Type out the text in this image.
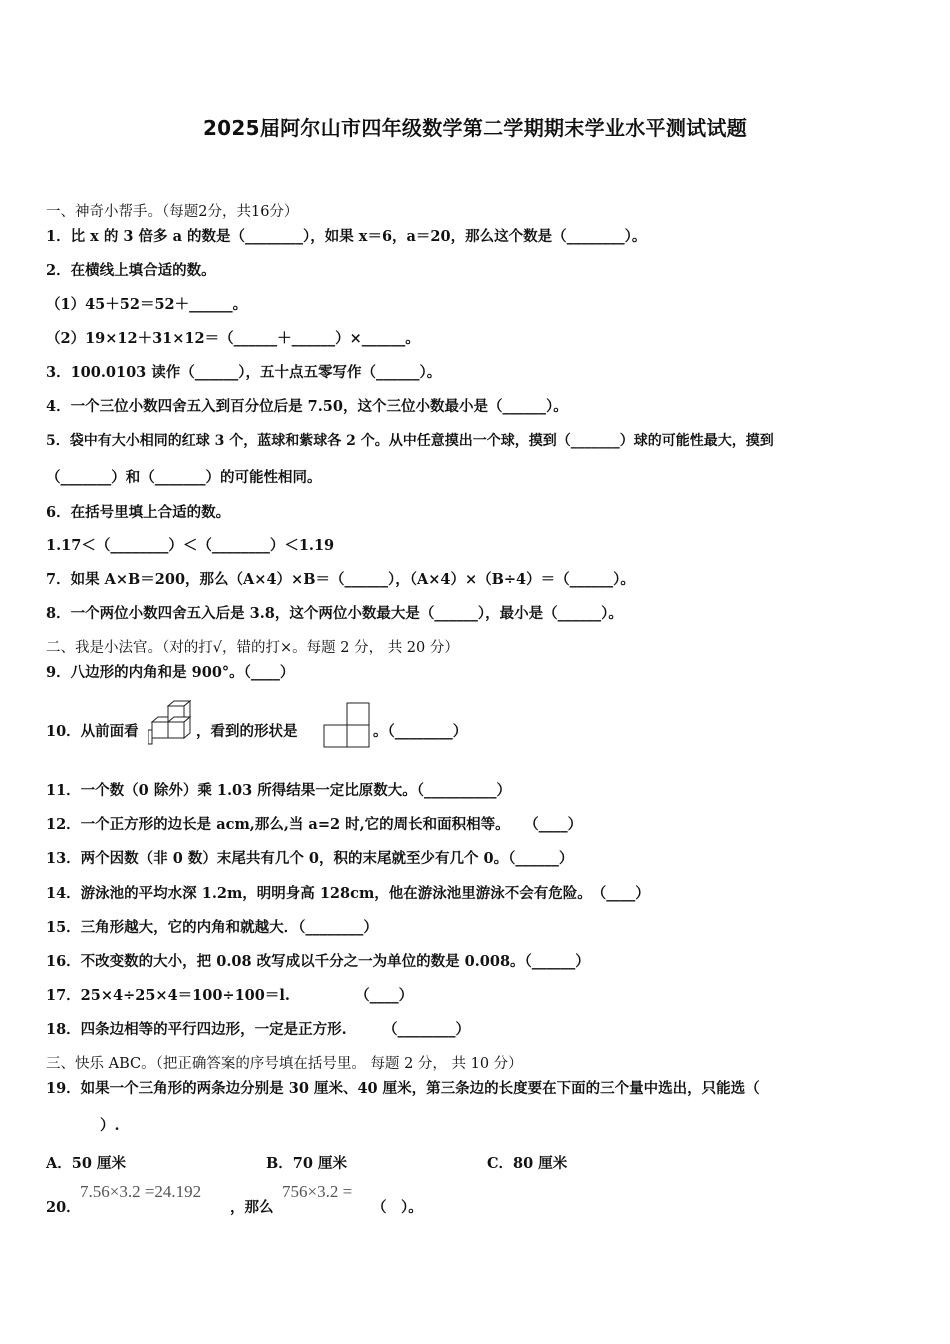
2025届阿尔山市四年级数学第二学期期末学业水平测试试题
一、神奇小帮手。（每题2分，共16分）
1．比 x 的 3 倍多 a 的数是（________），如果 x＝6，a＝20，那么这个数是（________）。
2．在横线上填合适的数。
（1）45＋52＝52＋______。
（2）19×12＋31×12＝（______＋______）×______。
3．100.0103 读作（______），五十点五零写作（______）。
4．一个三位小数四舍五入到百分位后是 7.50，这个三位小数最小是（______）。
5．袋中有大小相同的红球 3 个，蓝球和紫球各 2 个。从中任意摸出一个球，摸到（_______）球的可能性最大，摸到
（_______）和（_______）的可能性相同。
6．在括号里填上合适的数。
1.17＜（________）＜（________）＜1.19
7．如果 A×B＝200，那么（A×4）×B＝（______），（A×4）×（B÷4）＝（______）。
8．一个两位小数四舍五入后是 3.8，这个两位小数最大是（______），最小是（______）。
二、我是小法官。（对的打√，错的打×。每题 2 分， 共 20 分）
9．八边形的内角和是 900°。（____）
10．从前面看	，看到的形状是	。（________）
11．一个数（0 除外）乘 1.03 所得结果一定比原数大。（__________）
12．一个正方形的边长是 acm,那么,当 a=2 时,它的周长和面积相等。　　（____）
13．两个因数（非 0 数）末尾共有几个 0，积的末尾就至少有几个 0。（______）
14．游泳池的平均水深 1.2m，明明身高 128cm，他在游泳池里游泳不会有危险。　（____）
15．三角形越大，它的内角和就越大．（________）
16．不改变数的大小，把 0.08 改写成以千分之一为单位的数是 0.008。（______）
17．25×4÷25×4＝100÷100＝l.　　　　　（____）
18．四条边相等的平行四边形，一定是正方形.　　　（________）
三、快乐 ABC。（把正确答案的序号填在括号里。 每题 2 分， 共 10 分）
19．如果一个三角形的两条边分别是 30 厘米、40 厘米，第三条边的长度要在下面的三个量中选出，只能选（
）.
A．50 厘米	B．70 厘米	C．80 厘米
20．
7.56×3.2 =24.192
，那么
756×3.2 =
（　）。
